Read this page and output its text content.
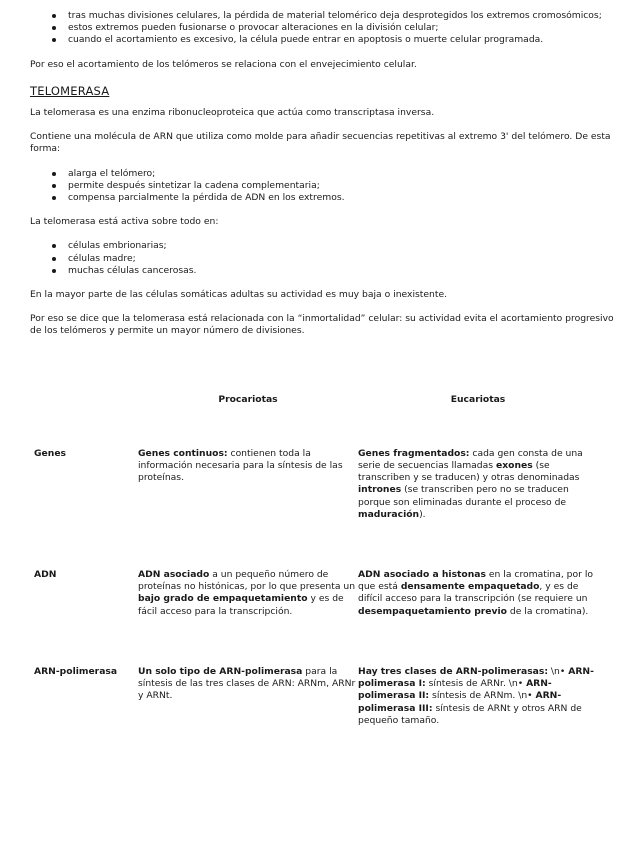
tras muchas divisiones celulares, la pérdida de material telomérico deja desprotegidos los extremos cromosómicos;
estos extremos pueden fusionarse o provocar alteraciones en la división celular;
cuando el acortamiento es excesivo, la célula puede entrar en apoptosis o muerte celular programada.

Por eso el acortamiento de los telómeros se relaciona con el envejecimiento celular.

TELOMERASA

La telomerasa es una enzima ribonucleoproteica que actúa como transcriptasa inversa.

Contiene una molécula de ARN que utiliza como molde para añadir secuencias repetitivas al extremo 3' del telómero. De esta forma:

alarga el telómero;
permite después sintetizar la cadena complementaria;
compensa parcialmente la pérdida de ADN en los extremos.

La telomerasa está activa sobre todo en:

células embrionarias;
células madre;
muchas células cancerosas.

En la mayor parte de las células somáticas adultas su actividad es muy baja o inexistente.

Por eso se dice que la telomerasa está relacionada con la “inmortalidad” celular: su actividad evita el acortamiento progresivo de los telómeros y permite un mayor número de divisiones.

	Procariotas	Eucariotas
Genes	Genes continuos: contienen toda la información necesaria para la síntesis de las proteínas.	Genes fragmentados: cada gen consta de una serie de secuencias llamadas exones (se transcriben y se traducen) y otras denominadas intrones (se transcriben pero no se traducen porque son eliminadas durante el proceso de maduración).
ADN	ADN asociado a un pequeño número de proteínas no histónicas, por lo que presenta un bajo grado de empaquetamiento y es de fácil acceso para la transcripción.	ADN asociado a histonas en la cromatina, por lo que está densamente empaquetado, y es de difícil acceso para la transcripción (se requiere un desempaquetamiento previo de la cromatina).
ARN-polimerasa	Un solo tipo de ARN-polimerasa para la síntesis de las tres clases de ARN: ARNm, ARNr y ARNt.	Hay tres clases de ARN-polimerasas: \n• ARN-polimerasa I: síntesis de ARNr. \n• ARN-polimerasa II: síntesis de ARNm. \n• ARN-polimerasa III: síntesis de ARNt y otros ARN de pequeño tamaño.
